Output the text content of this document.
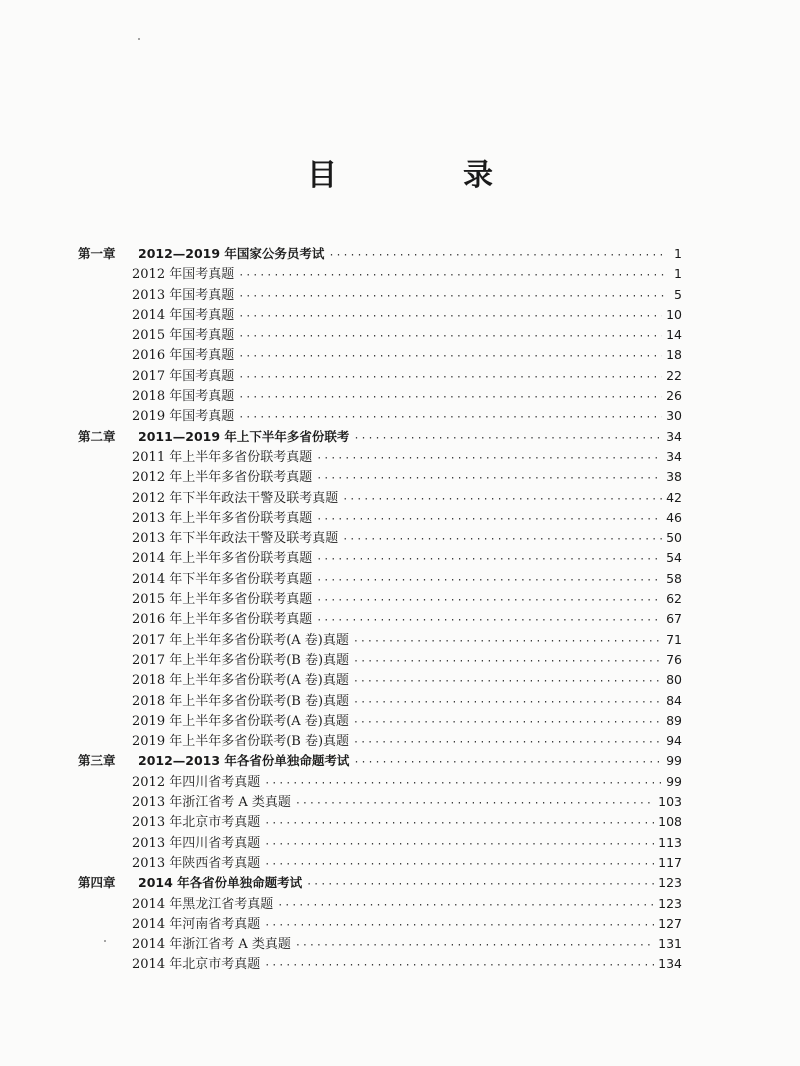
目　录
第一章	2012—2019 年国家公务员考试 ·····	1
2012 年国考真题 ·····	1
2013 年国考真题 ·····	5
2014 年国考真题 ·····	10
2015 年国考真题 ·····	14
2016 年国考真题 ·····	18
2017 年国考真题 ·····	22
2018 年国考真题 ·····	26
2019 年国考真题 ·····	30
第二章	2011—2019 年上下半年多省份联考 ·····	34
2011 年上半年多省份联考真题 ·····	34
2012 年上半年多省份联考真题 ·····	38
2012 年下半年政法干警及联考真题 ·····	42
2013 年上半年多省份联考真题 ·····	46
2013 年下半年政法干警及联考真题 ·····	50
2014 年上半年多省份联考真题 ·····	54
2014 年下半年多省份联考真题 ·····	58
2015 年上半年多省份联考真题 ·····	62
2016 年上半年多省份联考真题 ·····	67
2017 年上半年多省份联考(A 卷)真题 ·····	71
2017 年上半年多省份联考(B 卷)真题 ·····	76
2018 年上半年多省份联考(A 卷)真题 ·····	80
2018 年上半年多省份联考(B 卷)真题 ·····	84
2019 年上半年多省份联考(A 卷)真题 ·····	89
2019 年上半年多省份联考(B 卷)真题 ·····	94
第三章	2012—2013 年各省份单独命题考试 ·····	99
2012 年四川省考真题 ·····	99
2013 年浙江省考 A 类真题 ·····	103
2013 年北京市考真题 ·····	108
2013 年四川省考真题 ·····	113
2013 年陕西省考真题 ·····	117
第四章	2014 年各省份单独命题考试 ·····	123
2014 年黑龙江省考真题 ·····	123
2014 年河南省考真题 ·····	127
2014 年浙江省考 A 类真题 ·····	131
2014 年北京市考真题 ·····	134
